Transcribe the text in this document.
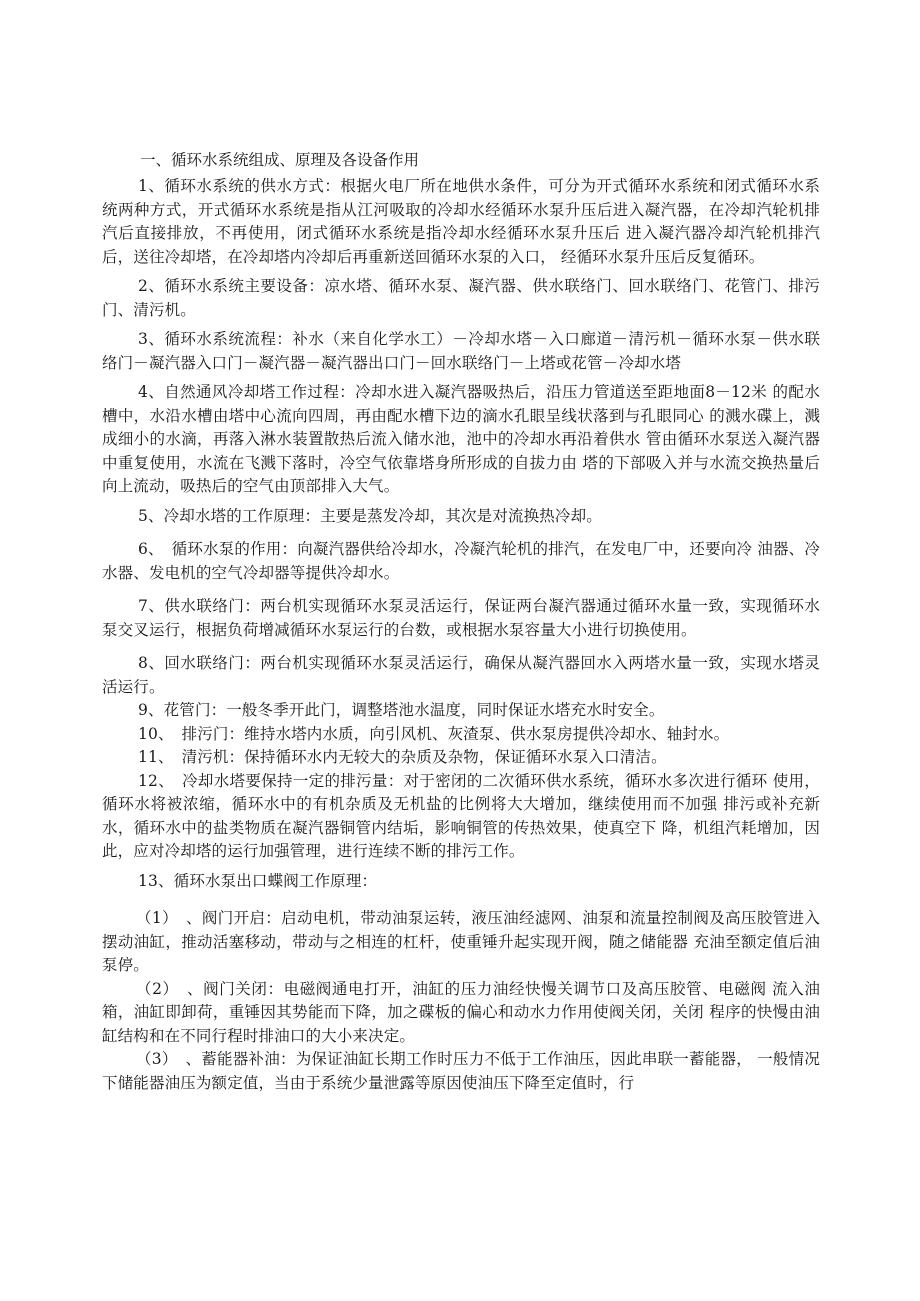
一、循环水系统组成、原理及各设备作用

1、循环水系统的供水方式：根据火电厂所在地供水条件，可分为开式循环水系统和闭式循环水系统两种方式，开式循环水系统是指从江河吸取的冷却水经循环水泵升压后进入凝汽器，在冷却汽轮机排汽后直接排放，不再使用，闭式循环水系统是指冷却水经循环水泵升压后 进入凝汽器冷却汽轮机排汽后，送往冷却塔，在冷却塔内冷却后再重新送回循环水泵的入口， 经循环水泵升压后反复循环。

2、循环水系统主要设备：凉水塔、循环水泵、凝汽器、供水联络门、回水联络门、花管门、排污门、清污机。

3、循环水系统流程：补水（来自化学水工）－冷却水塔－入口廊道－清污机－循环水泵－供水联络门－凝汽器入口门－凝汽器－凝汽器出口门－回水联络门－上塔或花管－冷却水塔

4、自然通风冷却塔工作过程：冷却水进入凝汽器吸热后，沿压力管道送至距地面8－12米 的配水槽中，水沿水槽由塔中心流向四周，再由配水槽下边的滴水孔眼呈线状落到与孔眼同心 的溅水碟上，溅成细小的水滴，再落入淋水装置散热后流入储水池，池中的冷却水再沿着供水 管由循环水泵送入凝汽器中重复使用，水流在飞溅下落时，冷空气依靠塔身所形成的自拔力由 塔的下部吸入并与水流交换热量后向上流动，吸热后的空气由顶部排入大气。

5、冷却水塔的工作原理：主要是蒸发冷却，其次是对流换热冷却。

6、　循环水泵的作用：向凝汽器供给冷却水，冷凝汽轮机的排汽，在发电厂中，还要向冷 油器、冷水器、发电机的空气冷却器等提供冷却水。

7、供水联络门：两台机实现循环水泵灵活运行，保证两台凝汽器通过循环水量一致，实现循环水泵交叉运行，根据负荷增减循环水泵运行的台数，或根据水泵容量大小进行切换使用。

8、回水联络门：两台机实现循环水泵灵活运行，确保从凝汽器回水入两塔水量一致，实现水塔灵活运行。

9、花管门：一般冬季开此门，调整塔池水温度，同时保证水塔充水时安全。

10、　排污门：维持水塔内水质，向引风机、灰渣泵、供水泵房提供冷却水、轴封水。

11、　清污机：保持循环水内无较大的杂质及杂物，保证循环水泵入口清洁。

12、　冷却水塔要保持一定的排污量：对于密闭的二次循环供水系统，循环水多次进行循环 使用，循环水将被浓缩，循环水中的有机杂质及无机盐的比例将大大增加，继续使用而不加强 排污或补充新水，循环水中的盐类物质在凝汽器铜管内结垢，影响铜管的传热效果，使真空下 降，机组汽耗增加，因此，应对冷却塔的运行加强管理，进行连续不断的排污工作。

13、循环水泵出口蝶阀工作原理：

（1）　、阀门开启：启动电机，带动油泵运转，液压油经滤网、油泵和流量控制阀及高压胶管进入摆动油缸，推动活塞移动，带动与之相连的杠杆，使重锤升起实现开阀，随之储能器 充油至额定值后油泵停。

（2）　、阀门关闭：电磁阀通电打开，油缸的压力油经快慢关调节口及高压胶管、电磁阀 流入油箱，油缸即卸荷，重锤因其势能而下降，加之碟板的偏心和动水力作用使阀关闭，关闭 程序的快慢由油缸结构和在不同行程时排油口的大小来决定。

（3）　、蓄能器补油：为保证油缸长期工作时压力不低于工作油压，因此串联一蓄能器， 一般情况下储能器油压为额定值，当由于系统少量泄露等原因使油压下降至定值时，行
